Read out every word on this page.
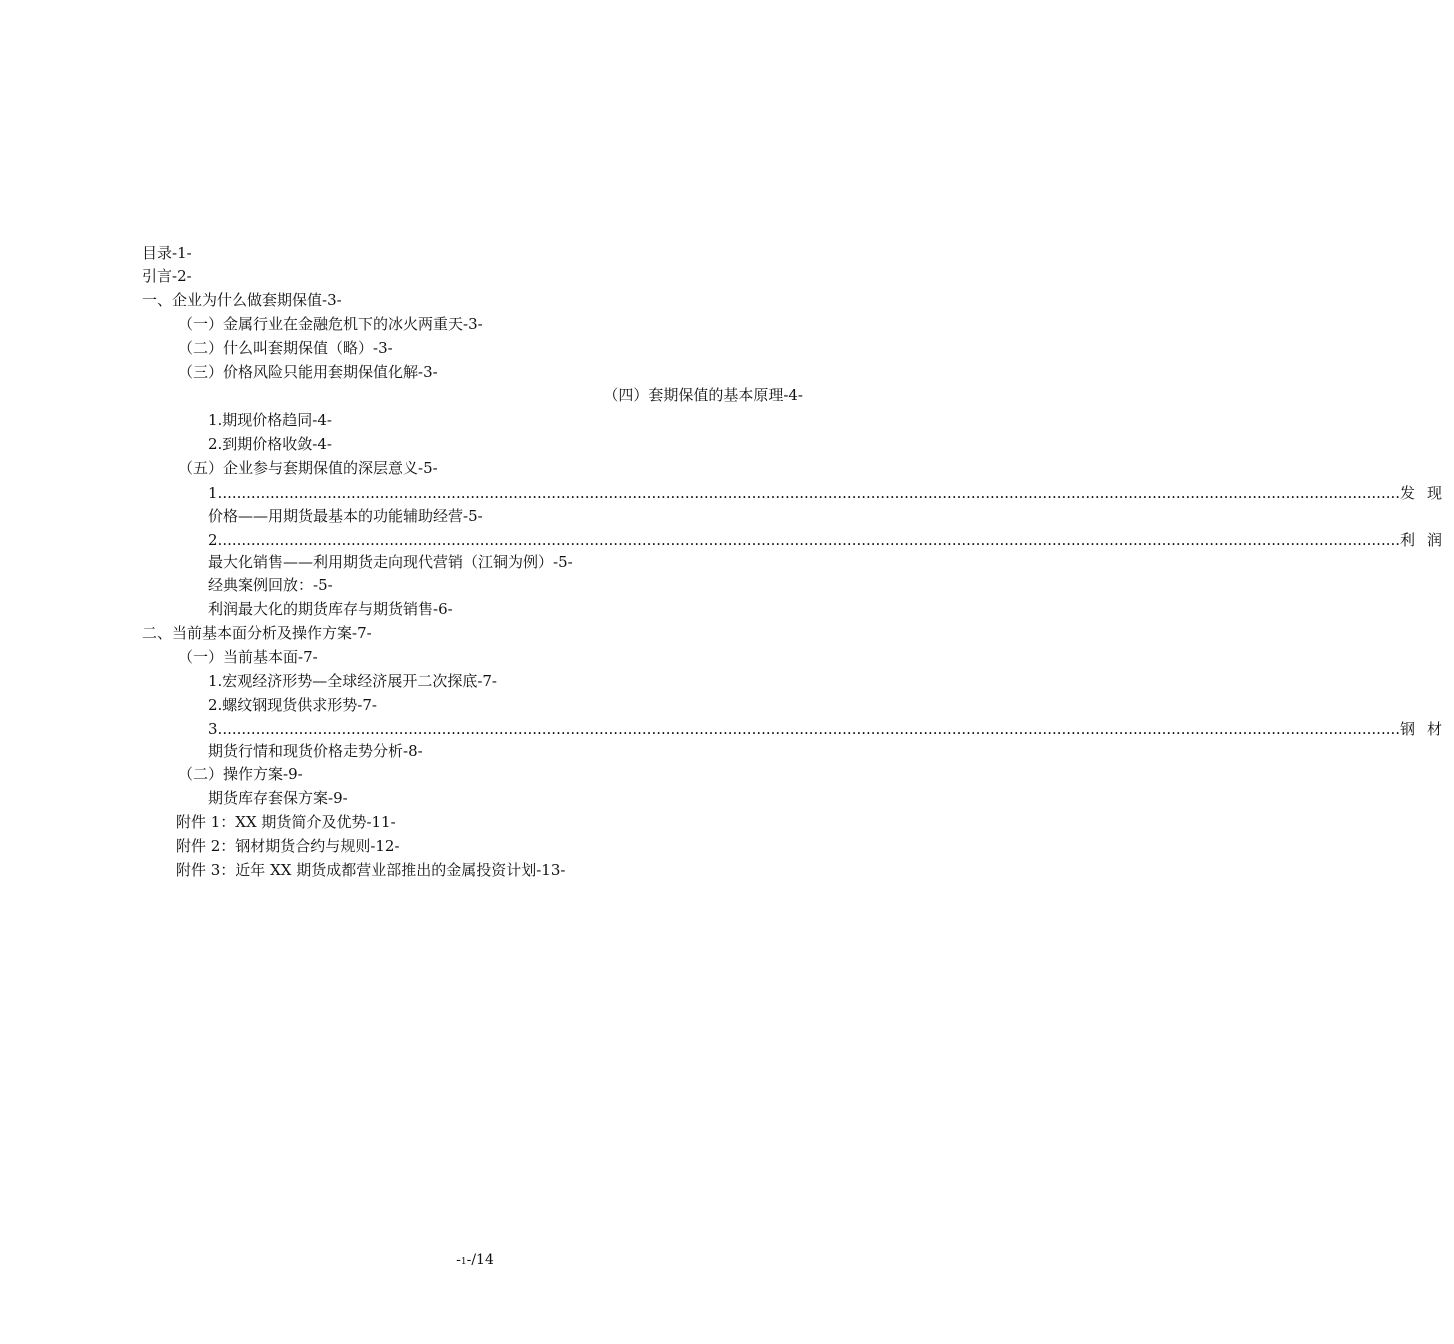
目录-1-
引言-2-
一、企业为什么做套期保值-3-
（一）金属行业在金融危机下的冰火两重天-3-
（二）什么叫套期保值（略）-3-
（三）价格风险只能用套期保值化解-3-
（四）套期保值的基本原理-4-
1.期现价格趋同-4-
2.到期价格收敛-4-
（五）企业参与套期保值的深层意义-5-
1 .....	发现
价格——用期货最基本的功能辅助经营-5-
2 .....	利润
最大化销售——利用期货走向现代营销（江铜为例）-5-
经典案例回放：-5-
利润最大化的期货库存与期货销售-6-
二、当前基本面分析及操作方案-7-
（一）当前基本面-7-
1.宏观经济形势—全球经济展开二次探底-7-
2.螺纹钢现货供求形势-7-
3 .....	钢材
期货行情和现货价格走势分析-8-
（二）操作方案-9-
期货库存套保方案-9-
附件 1：XX 期货简介及优势-11-
附件 2：钢材期货合约与规则-12-
附件 3：近年 XX 期货成都营业部推出的金属投资计划-13-
-1-/14
